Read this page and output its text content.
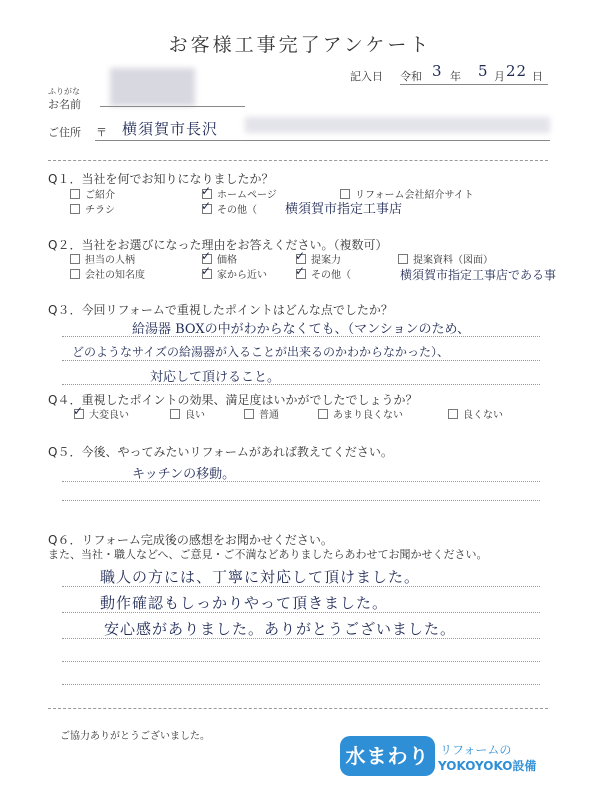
お客様工事完了アンケート
記入日 令和 3 年 5 月 22 日
ふりがな
お名前
ご住所 〒 横須賀市長沢
Q１．当社を何でお知りになりましたか？
ご紹介 ✓	ホームページ	リフォーム会社紹介サイト
チラシ ✓	その他（ 横須賀市指定工事店
Q２．当社をお選びになった理由をお答えください。（複数可）
担当の人柄 ✓	価格 ✓	提案力	提案資料（図面）
会社の知名度 ✓	家から近い ✓	その他（	横須賀市指定工事店である事
Q３．今回リフォームで重視したポイントはどんな点でしたか？
給湯器 BOXの中がわからなくても、（マンションのため、
どのようなサイズの給湯器が入ることが出来るのかわからなかった）、
対応して頂けること。
Q４．重視したポイントの効果、満足度はいかがでしたでしょうか？
✓大変良い	良い	普通	あまり良くない	良くない
Q５．今後、やってみたいリフォームがあれば教えてください。
キッチンの移動。
Q６．リフォーム完成後の感想をお聞かせください。
また、当社・職人などへ、ご意見・ご不満などありましたらあわせてお聞かせください。
職人の方には、丁寧に対応して頂けました。
動作確認もしっかりやって頂きました。
安心感がありました。ありがとうございました。
ご協力ありがとうございました。
水まわり リフォームの
YOKOYOKO設備
